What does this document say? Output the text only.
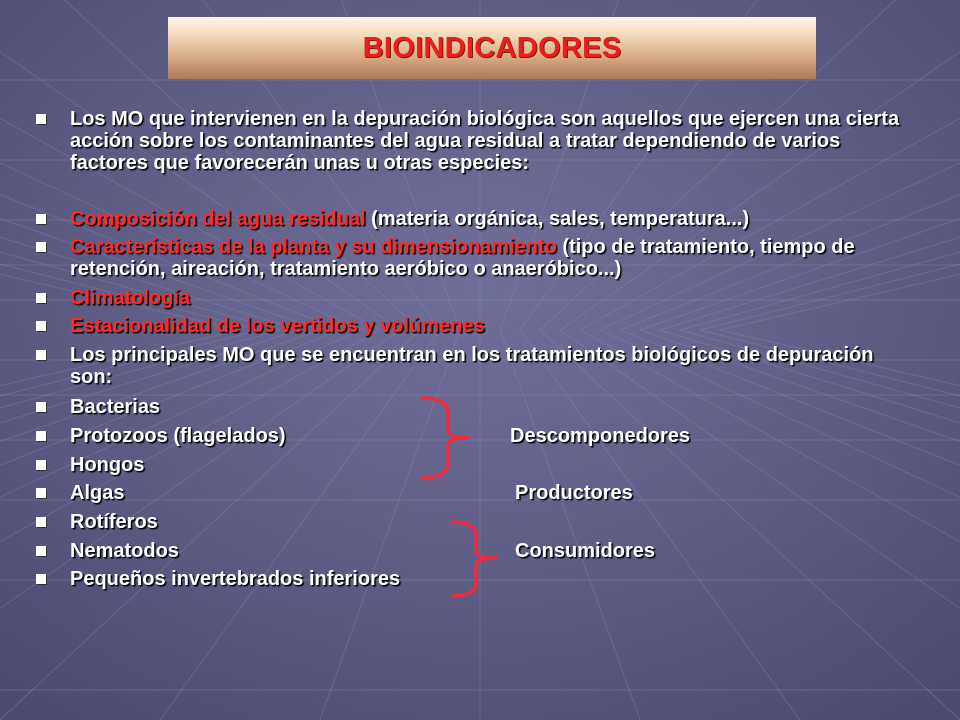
BIOINDICADORES
Los MO que intervienen en la depuración biológica son aquellos que ejercen una cierta acción sobre los contaminantes del agua residual a tratar dependiendo de varios factores que favorecerán unas u otras especies:
Composición del agua residual (materia orgánica, sales, temperatura...)
Características de la planta y su dimensionamiento (tipo de tratamiento, tiempo de retención, aireación, tratamiento aeróbico o anaeróbico...)
Climatología
Estacionalidad de los vertidos y volúmenes
Los principales MO que se encuentran en los tratamientos biológicos de depuración son:
Bacterias
Protozoos (flagelados)
Hongos
Algas
Rotíferos
Nematodos
Pequeños invertebrados inferiores
Descomponedores
Productores
Consumidores
